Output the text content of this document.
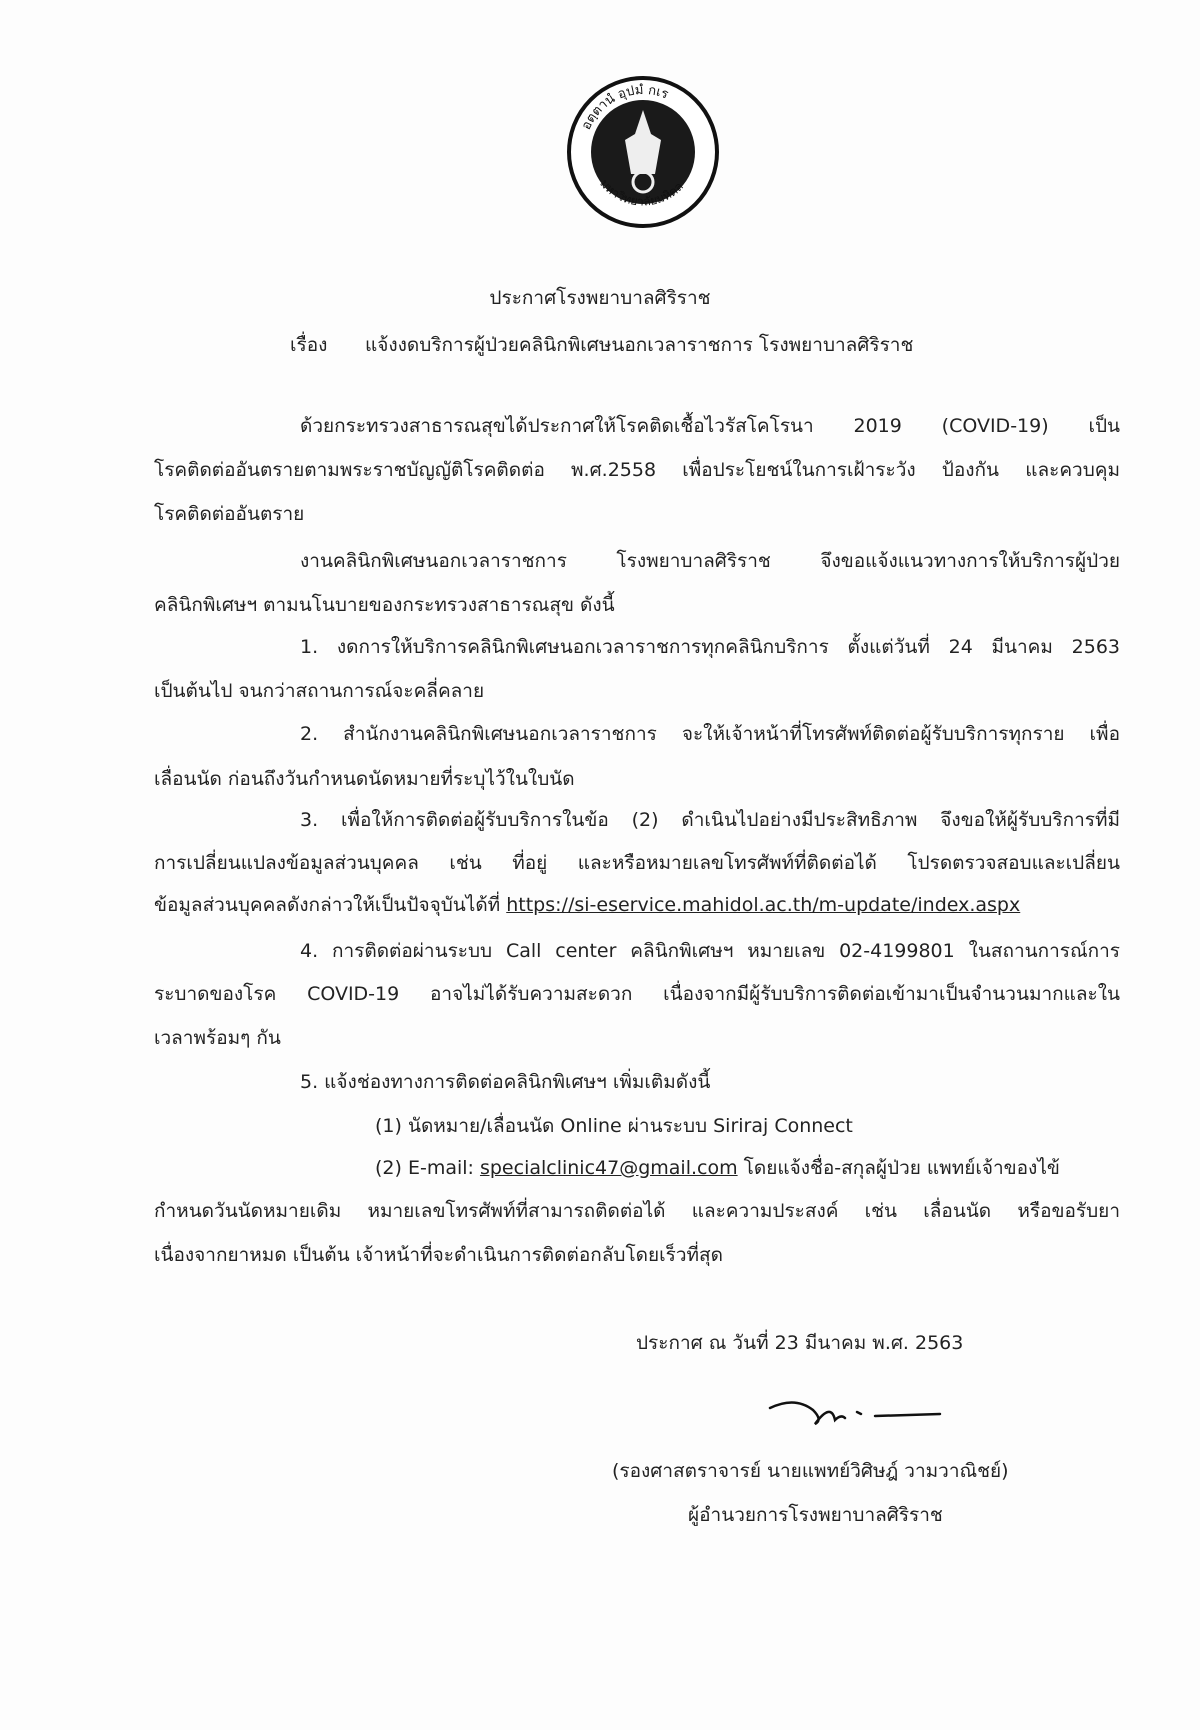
อตฺตานํ อุปมํ กเร
มหาวิทยาลัยมหิดล
ประกาศโรงพยาบาลศิริราช
เรื่อง	แจ้งงดบริการผู้ป่วยคลินิกพิเศษนอกเวลาราชการ โรงพยาบาลศิริราช
ด้วยกระทรวงสาธารณสุขได้ประกาศให้โรคติดเชื้อไวรัสโคโรนา 2019 (COVID-19) เป็น
โรคติดต่ออันตรายตามพระราชบัญญัติโรคติดต่อ พ.ศ.2558 เพื่อประโยชน์ในการเฝ้าระวัง ป้องกัน และควบคุม
โรคติดต่ออันตราย
งานคลินิกพิเศษนอกเวลาราชการ โรงพยาบาลศิริราช จึงขอแจ้งแนวทางการให้บริการผู้ป่วย
คลินิกพิเศษฯ ตามนโนบายของกระทรวงสาธารณสุข ดังนี้
1. งดการให้บริการคลินิกพิเศษนอกเวลาราชการทุกคลินิกบริการ ตั้งแต่วันที่ 24 มีนาคม 2563
เป็นต้นไป จนกว่าสถานการณ์จะคลี่คลาย
2. สำนักงานคลินิกพิเศษนอกเวลาราชการ จะให้เจ้าหน้าที่โทรศัพท์ติดต่อผู้รับบริการทุกราย เพื่อ
เลื่อนนัด ก่อนถึงวันกำหนดนัดหมายที่ระบุไว้ในใบนัด
3. เพื่อให้การติดต่อผู้รับบริการในข้อ (2) ดำเนินไปอย่างมีประสิทธิภาพ จึงขอให้ผู้รับบริการที่มี
การเปลี่ยนแปลงข้อมูลส่วนบุคคล เช่น ที่อยู่ และหรือหมายเลขโทรศัพท์ที่ติดต่อได้ โปรดตรวจสอบและเปลี่ยน
ข้อมูลส่วนบุคคลดังกล่าวให้เป็นปัจจุบันได้ที่ https://si-eservice.mahidol.ac.th/m-update/index.aspx
4. การติดต่อผ่านระบบ Call center คลินิกพิเศษฯ หมายเลข 02-4199801 ในสถานการณ์การ
ระบาดของโรค COVID-19 อาจไม่ได้รับความสะดวก เนื่องจากมีผู้รับบริการติดต่อเข้ามาเป็นจำนวนมากและใน
เวลาพร้อมๆ กัน
5. แจ้งช่องทางการติดต่อคลินิกพิเศษฯ เพิ่มเติมดังนี้
(1) นัดหมาย/เลื่อนนัด Online ผ่านระบบ Siriraj Connect
(2) E-mail: specialclinic47@gmail.com โดยแจ้งชื่อ-สกุลผู้ป่วย แพทย์เจ้าของไข้
กำหนดวันนัดหมายเดิม หมายเลขโทรศัพท์ที่สามารถติดต่อได้ และความประสงค์ เช่น เลื่อนนัด หรือขอรับยา
เนื่องจากยาหมด เป็นต้น เจ้าหน้าที่จะดำเนินการติดต่อกลับโดยเร็วที่สุด
ประกาศ ณ วันที่ 23 มีนาคม พ.ศ. 2563
(รองศาสตราจารย์ นายแพทย์วิศิษฎ์ วามวาณิชย์)
ผู้อำนวยการโรงพยาบาลศิริราช
